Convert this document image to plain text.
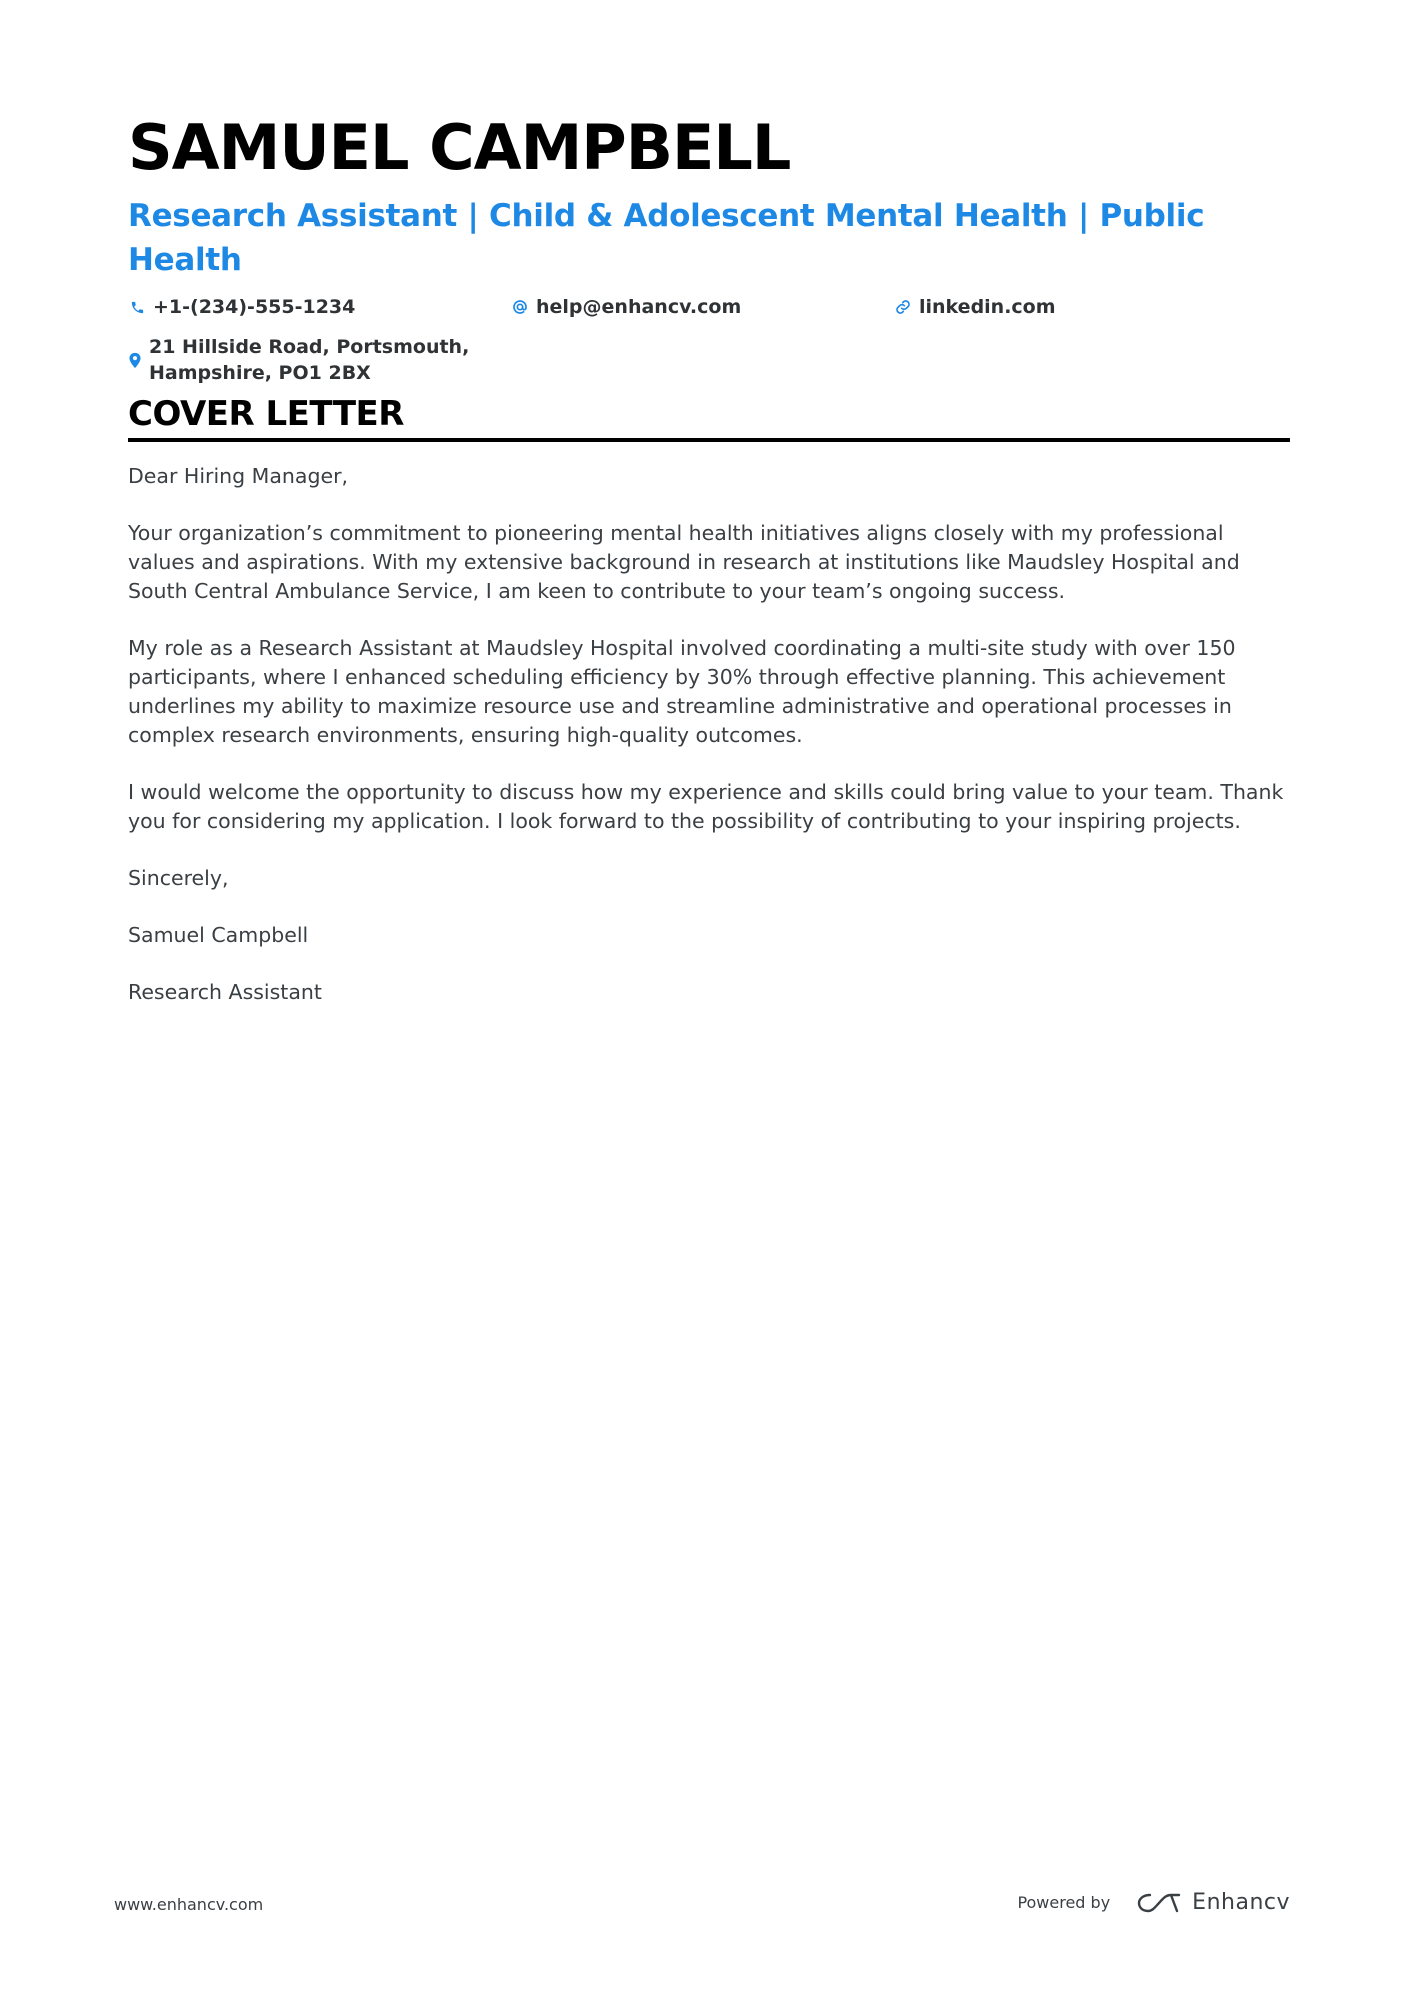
SAMUEL CAMPBELL
Research Assistant | Child & Adolescent Mental Health | Public Health
+1-(234)-555-1234	help@enhancv.com	linkedin.com
21 Hillside Road, Portsmouth, Hampshire, PO1 2BX
COVER LETTER

Dear Hiring Manager,

Your organization’s commitment to pioneering mental health initiatives aligns closely with my professional values and aspirations. With my extensive background in research at institutions like Maudsley Hospital and South Central Ambulance Service, I am keen to contribute to your team’s ongoing success.

My role as a Research Assistant at Maudsley Hospital involved coordinating a multi-site study with over 150 participants, where I enhanced scheduling efficiency by 30% through effective planning. This achievement underlines my ability to maximize resource use and streamline administrative and operational processes in complex research environments, ensuring high-quality outcomes.

I would welcome the opportunity to discuss how my experience and skills could bring value to your team. Thank you for considering my application. I look forward to the possibility of contributing to your inspiring projects.

Sincerely,

Samuel Campbell

Research Assistant

www.enhancv.com	Powered by	Enhancv
